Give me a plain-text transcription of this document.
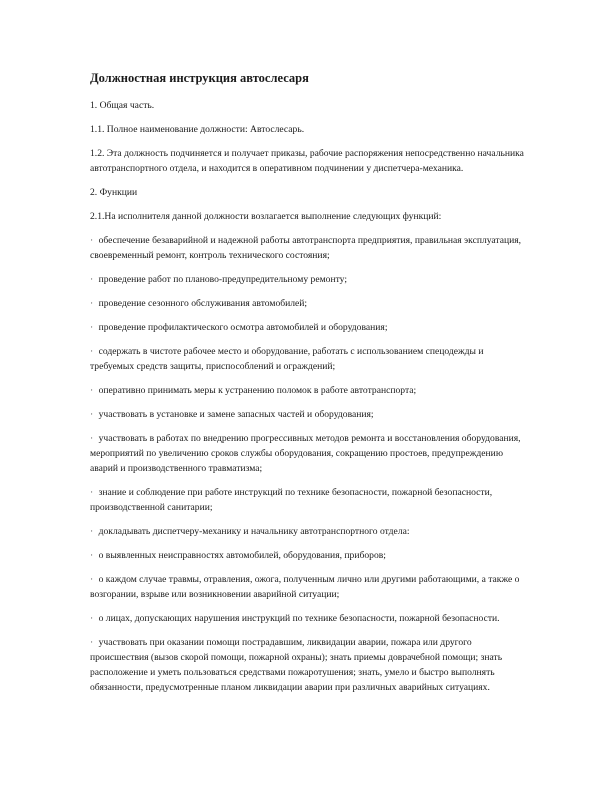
Должностная инструкция автослесаря

1. Общая часть.

1.1. Полное наименование должности: Автослесарь.

1.2. Эта должность подчиняется и получает приказы, рабочие распоряжения непосредственно начальника автотранспортного отдела, и находится в оперативном подчинении у диспетчера-механика.

2. Функции

2.1.На исполнителя данной должности возлагается выполнение следующих функций:

· обеспечение безаварийной и надежной работы автотранспорта предприятия, правильная эксплуатация, своевременный ремонт, контроль технического состояния;
· проведение работ по планово-предупредительному ремонту;
· проведение сезонного обслуживания автомобилей;
· проведение профилактического осмотра автомобилей и оборудования;
· содержать в чистоте рабочее место и оборудование, работать с использованием спецодежды и требуемых средств защиты, приспособлений и ограждений;
· оперативно принимать меры к устранению поломок в работе автотранспорта;
· участвовать в установке и замене запасных частей и оборудования;
· участвовать в работах по внедрению прогрессивных методов ремонта и восстановления оборудования, мероприятий по увеличению сроков службы оборудования, сокращению простоев, предупреждению аварий и производственного травматизма;
· знание и соблюдение при работе инструкций по технике безопасности, пожарной безопасности, производственной санитарии;
· докладывать диспетчеру-механику и начальнику автотранспортного отдела:
· о выявленных неисправностях автомобилей, оборудования, приборов;
· о каждом случае травмы, отравления, ожога, полученным лично или другими работающими, а также о возгорании, взрыве или возникновении аварийной ситуации;
· о лицах, допускающих нарушения инструкций по технике безопасности, пожарной безопасности.
· участвовать при оказании помощи пострадавшим, ликвидации аварии, пожара или другого происшествия (вызов скорой помощи, пожарной охраны); знать приемы доврачебной помощи; знать расположение и уметь пользоваться средствами пожаротушения; знать, умело и быстро выполнять обязанности, предусмотренные планом ликвидации аварии при различных аварийных ситуациях.
